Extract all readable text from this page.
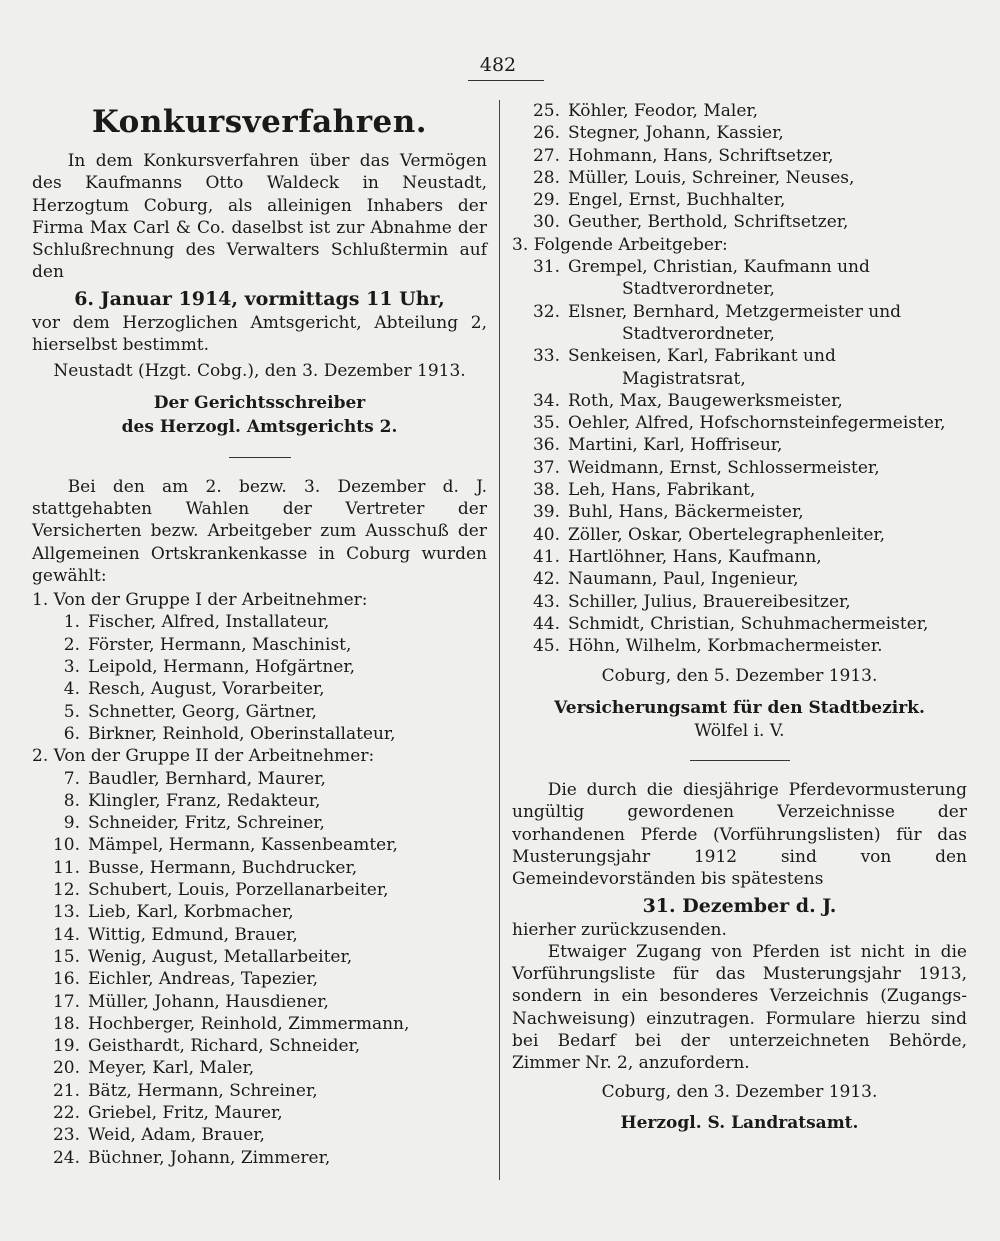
482
Konkursverfahren.

In dem Konkursverfahren über das Vermögen des Kaufmanns Otto Waldeck in Neustadt, Herzogtum Coburg, als alleinigen Inhabers der Firma Max Carl & Co. daselbst ist zur Abnahme der Schlußrechnung des Verwalters Schlußtermin auf den

6. Januar 1914, vormittags 11 Uhr,

vor dem Herzoglichen Amtsgericht, Abteilung 2, hierselbst bestimmt.

Neustadt (Hzgt. Cobg.), den 3. Dezember 1913.

Der Gerichtsschreiber
des Herzogl. Amtsgerichts 2.

Bei den am 2. bezw. 3. Dezember d. J. stattgehabten Wahlen der Vertreter der Versicherten bezw. Arbeitgeber zum Ausschuß der Allgemeinen Ortskrankenkasse in Coburg wurden gewählt:

1. Von der Gruppe I der Arbeitnehmer:

1. Fischer, Alfred, Installateur,
2. Förster, Hermann, Maschinist,
3. Leipold, Hermann, Hofgärtner,
4. Resch, August, Vorarbeiter,
5. Schnetter, Georg, Gärtner,
6. Birkner, Reinhold, Oberinstallateur,

2. Von der Gruppe II der Arbeitnehmer:

7. Baudler, Bernhard, Maurer,
8. Klingler, Franz, Redakteur,
9. Schneider, Fritz, Schreiner,
10. Mämpel, Hermann, Kassenbeamter,
11. Busse, Hermann, Buchdrucker,
12. Schubert, Louis, Porzellanarbeiter,
13. Lieb, Karl, Korbmacher,
14. Wittig, Edmund, Brauer,
15. Wenig, August, Metallarbeiter,
16. Eichler, Andreas, Tapezier,
17. Müller, Johann, Hausdiener,
18. Hochberger, Reinhold, Zimmermann,
19. Geisthardt, Richard, Schneider,
20. Meyer, Karl, Maler,
21. Bätz, Hermann, Schreiner,
22. Griebel, Fritz, Maurer,
23. Weid, Adam, Brauer,
24. Büchner, Johann, Zimmerer,
25. Köhler, Feodor, Maler,
26. Stegner, Johann, Kassier,
27. Hohmann, Hans, Schriftsetzer,
28. Müller, Louis, Schreiner, Neuses,
29. Engel, Ernst, Buchhalter,
30. Geuther, Berthold, Schriftsetzer,

3. Folgende Arbeitgeber:

31. Grempel, Christian, Kaufmann und
Stadtverordneter,
32. Elsner, Bernhard, Metzgermeister und
Stadtverordneter,
33. Senkeisen, Karl, Fabrikant und
Magistratsrat,
34. Roth, Max, Baugewerksmeister,
35. Oehler, Alfred, Hofschornsteinfegermeister,
36. Martini, Karl, Hoffriseur,
37. Weidmann, Ernst, Schlossermeister,
38. Leh, Hans, Fabrikant,
39. Buhl, Hans, Bäckermeister,
40. Zöller, Oskar, Obertelegraphenleiter,
41. Hartlöhner, Hans, Kaufmann,
42. Naumann, Paul, Ingenieur,
43. Schiller, Julius, Brauereibesitzer,
44. Schmidt, Christian, Schuhmachermeister,
45. Höhn, Wilhelm, Korbmachermeister.

Coburg, den 5. Dezember 1913.

Versicherungsamt für den Stadtbezirk.
Wölfel i. V.

Die durch die diesjährige Pferdevormusterung ungültig gewordenen Verzeichnisse der vorhandenen Pferde (Vorführungslisten) für das Musterungsjahr 1912 sind von den Gemeindevorständen bis spätestens

31. Dezember d. J.

hierher zurückzusenden.

Etwaiger Zugang von Pferden ist nicht in die Vorführungsliste für das Musterungsjahr 1913, sondern in ein besonderes Verzeichnis (Zugangs-Nachweisung) einzutragen. Formulare hierzu sind bei Bedarf bei der unterzeichneten Behörde, Zimmer Nr. 2, anzufordern.

Coburg, den 3. Dezember 1913.

Herzogl. S. Landratsamt.
